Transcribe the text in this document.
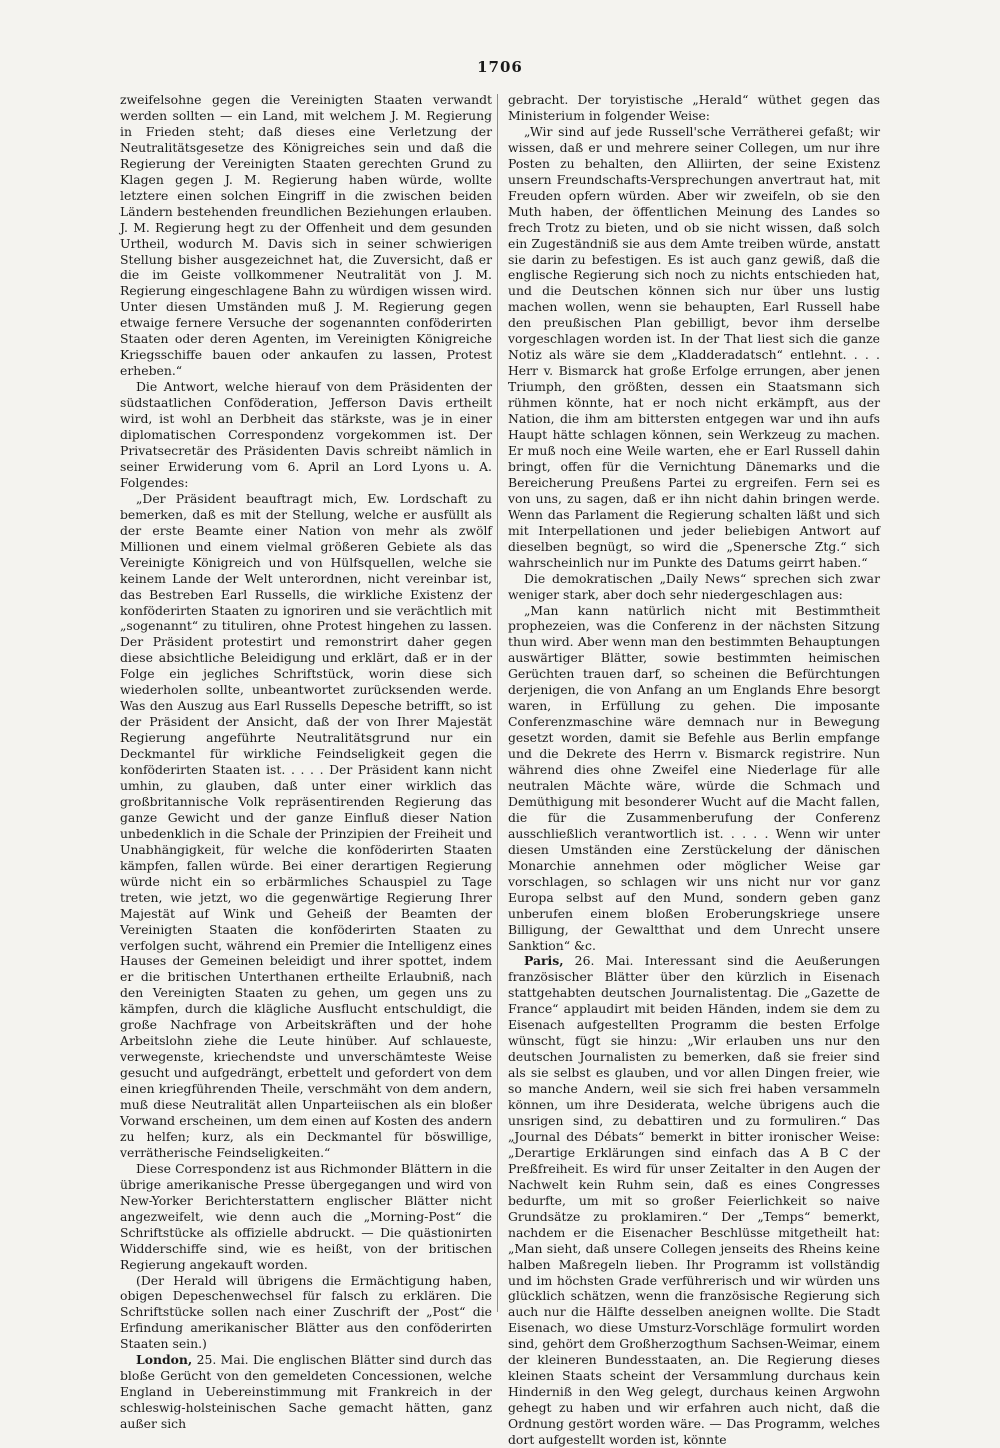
1706

zweifelsohne gegen die Vereinigten Staaten verwandt werden sollten — ein Land, mit welchem J. M. Regierung in Frieden steht; daß dieses eine Verletzung der Neutralitätsgesetze des Königreiches sein und daß die Regierung der Vereinigten Staaten gerechten Grund zu Klagen gegen J. M. Regierung haben würde, wollte letztere einen solchen Eingriff in die zwischen beiden Ländern bestehenden freundlichen Beziehungen erlauben. J. M. Regierung hegt zu der Offenheit und dem gesunden Urtheil, wodurch M. Davis sich in seiner schwierigen Stellung bisher ausgezeichnet hat, die Zuversicht, daß er die im Geiste vollkommener Neutralität von J. M. Regierung eingeschlagene Bahn zu würdigen wissen wird. Unter diesen Umständen muß J. M. Regierung gegen etwaige fernere Versuche der sogenannten conföderirten Staaten oder deren Agenten, im Vereinigten Königreiche Kriegsschiffe bauen oder ankaufen zu lassen, Protest erheben.“

Die Antwort, welche hierauf von dem Präsidenten der südstaatlichen Conföderation, Jefferson Davis ertheilt wird, ist wohl an Derbheit das stärkste, was je in einer diplomatischen Correspondenz vorgekommen ist. Der Privatsecretär des Präsidenten Davis schreibt nämlich in seiner Erwiderung vom 6. April an Lord Lyons u. A. Folgendes:

„Der Präsident beauftragt mich, Ew. Lordschaft zu bemerken, daß es mit der Stellung, welche er ausfüllt als der erste Beamte einer Nation von mehr als zwölf Millionen und einem vielmal größeren Gebiete als das Vereinigte Königreich und von Hülfsquellen, welche sie keinem Lande der Welt unterordnen, nicht vereinbar ist, das Bestreben Earl Russells, die wirkliche Existenz der konföderirten Staaten zu ignoriren und sie verächtlich mit „sogenannt“ zu tituliren, ohne Protest hingehen zu lassen. Der Präsident protestirt und remonstrirt daher gegen diese absichtliche Beleidigung und erklärt, daß er in der Folge ein jegliches Schriftstück, worin diese sich wiederholen sollte, unbeantwortet zurücksenden werde. Was den Auszug aus Earl Russells Depesche betrifft, so ist der Präsident der Ansicht, daß der von Ihrer Majestät Regierung angeführte Neutralitätsgrund nur ein Deckmantel für wirkliche Feindseligkeit gegen die konföderirten Staaten ist. . . . . Der Präsident kann nicht umhin, zu glauben, daß unter einer wirklich das großbritannische Volk repräsentirenden Regierung das ganze Gewicht und der ganze Einfluß dieser Nation unbedenklich in die Schale der Prinzipien der Freiheit und Unabhängigkeit, für welche die konföderirten Staaten kämpfen, fallen würde. Bei einer derartigen Regierung würde nicht ein so erbärmliches Schauspiel zu Tage treten, wie jetzt, wo die gegenwärtige Regierung Ihrer Majestät auf Wink und Geheiß der Beamten der Vereinigten Staaten die konföderirten Staaten zu verfolgen sucht, während ein Premier die Intelligenz eines Hauses der Gemeinen beleidigt und ihrer spottet, indem er die britischen Unterthanen ertheilte Erlaubniß, nach den Vereinigten Staaten zu gehen, um gegen uns zu kämpfen, durch die klägliche Ausflucht entschuldigt, die große Nachfrage von Arbeitskräften und der hohe Arbeitslohn ziehe die Leute hinüber. Auf schlaueste, verwegenste, kriechendste und unverschämteste Weise gesucht und aufgedrängt, erbettelt und gefordert von dem einen kriegführenden Theile, verschmäht von dem andern, muß diese Neutralität allen Unparteiischen als ein bloßer Vorwand erscheinen, um dem einen auf Kosten des andern zu helfen; kurz, als ein Deckmantel für böswillige, verrätherische Feindseligkeiten.“

Diese Correspondenz ist aus Richmonder Blättern in die übrige amerikanische Presse übergegangen und wird von New-Yorker Berichterstattern englischer Blätter nicht angezweifelt, wie denn auch die „Morning-Post“ die Schriftstücke als offizielle abdruckt. — Die quästionirten Widderschiffe sind, wie es heißt, von der britischen Regierung angekauft worden.

(Der Herald will übrigens die Ermächtigung haben, obigen Depeschenwechsel für falsch zu erklären. Die Schriftstücke sollen nach einer Zuschrift der „Post“ die Erfindung amerikanischer Blätter aus den conföderirten Staaten sein.)

London, 25. Mai. Die englischen Blätter sind durch das bloße Gerücht von den gemeldeten Concessionen, welche England in Uebereinstimmung mit Frankreich in der schleswig-holsteinischen Sache gemacht hätten, ganz außer sich

gebracht. Der toryistische „Herald“ wüthet gegen das Ministerium in folgender Weise:

„Wir sind auf jede Russell'sche Verrätherei gefaßt; wir wissen, daß er und mehrere seiner Collegen, um nur ihre Posten zu behalten, den Alliirten, der seine Existenz unsern Freundschafts-Versprechungen anvertraut hat, mit Freuden opfern würden. Aber wir zweifeln, ob sie den Muth haben, der öffentlichen Meinung des Landes so frech Trotz zu bieten, und ob sie nicht wissen, daß solch ein Zugeständniß sie aus dem Amte treiben würde, anstatt sie darin zu befestigen. Es ist auch ganz gewiß, daß die englische Regierung sich noch zu nichts entschieden hat, und die Deutschen können sich nur über uns lustig machen wollen, wenn sie behaupten, Earl Russell habe den preußischen Plan gebilligt, bevor ihm derselbe vorgeschlagen worden ist. In der That liest sich die ganze Notiz als wäre sie dem „Kladderadatsch“ entlehnt. . . . Herr v. Bismarck hat große Erfolge errungen, aber jenen Triumph, den größten, dessen ein Staatsmann sich rühmen könnte, hat er noch nicht erkämpft, aus der Nation, die ihm am bittersten entgegen war und ihn aufs Haupt hätte schlagen können, sein Werkzeug zu machen. Er muß noch eine Weile warten, ehe er Earl Russell dahin bringt, offen für die Vernichtung Dänemarks und die Bereicherung Preußens Partei zu ergreifen. Fern sei es von uns, zu sagen, daß er ihn nicht dahin bringen werde. Wenn das Parlament die Regierung schalten läßt und sich mit Interpellationen und jeder beliebigen Antwort auf dieselben begnügt, so wird die „Spenersche Ztg.“ sich wahrscheinlich nur im Punkte des Datums geirrt haben.“

Die demokratischen „Daily News“ sprechen sich zwar weniger stark, aber doch sehr niedergeschlagen aus:

„Man kann natürlich nicht mit Bestimmtheit prophezeien, was die Conferenz in der nächsten Sitzung thun wird. Aber wenn man den bestimmten Behauptungen auswärtiger Blätter, sowie bestimmten heimischen Gerüchten trauen darf, so scheinen die Befürchtungen derjenigen, die von Anfang an um Englands Ehre besorgt waren, in Erfüllung zu gehen. Die imposante Conferenzmaschine wäre demnach nur in Bewegung gesetzt worden, damit sie Befehle aus Berlin empfange und die Dekrete des Herrn v. Bismarck registrire. Nun während dies ohne Zweifel eine Niederlage für alle neutralen Mächte wäre, würde die Schmach und Demüthigung mit besonderer Wucht auf die Macht fallen, die für die Zusammenberufung der Conferenz ausschließlich verantwortlich ist. . . . . Wenn wir unter diesen Umständen eine Zerstückelung der dänischen Monarchie annehmen oder möglicher Weise gar vorschlagen, so schlagen wir uns nicht nur vor ganz Europa selbst auf den Mund, sondern geben ganz unberufen einem bloßen Eroberungskriege unsere Billigung, der Gewaltthat und dem Unrecht unsere Sanktion“ &c.

Paris, 26. Mai. Interessant sind die Aeußerungen französischer Blätter über den kürzlich in Eisenach stattgehabten deutschen Journalistentag. Die „Gazette de France“ applaudirt mit beiden Händen, indem sie dem zu Eisenach aufgestellten Programm die besten Erfolge wünscht, fügt sie hinzu: „Wir erlauben uns nur den deutschen Journalisten zu bemerken, daß sie freier sind als sie selbst es glauben, und vor allen Dingen freier, wie so manche Andern, weil sie sich frei haben versammeln können, um ihre Desiderata, welche übrigens auch die unsrigen sind, zu debattiren und zu formuliren.“ Das „Journal des Débats“ bemerkt in bitter ironischer Weise: „Derartige Erklärungen sind einfach das A B C der Preßfreiheit. Es wird für unser Zeitalter in den Augen der Nachwelt kein Ruhm sein, daß es eines Congresses bedurfte, um mit so großer Feierlichkeit so naive Grundsätze zu proklamiren.“ Der „Temps“ bemerkt, nachdem er die Eisenacher Beschlüsse mitgetheilt hat: „Man sieht, daß unsere Collegen jenseits des Rheins keine halben Maßregeln lieben. Ihr Programm ist vollständig und im höchsten Grade verführerisch und wir würden uns glücklich schätzen, wenn die französische Regierung sich auch nur die Hälfte desselben aneignen wollte. Die Stadt Eisenach, wo diese Umsturz-Vorschläge formulirt worden sind, gehört dem Großherzogthum Sachsen-Weimar, einem der kleineren Bundesstaaten, an. Die Regierung dieses kleinen Staats scheint der Versammlung durchaus kein Hinderniß in den Weg gelegt, durchaus keinen Argwohn gehegt zu haben und wir erfahren auch nicht, daß die Ordnung gestört worden wäre. — Das Programm, welches dort aufgestellt worden ist, könnte
